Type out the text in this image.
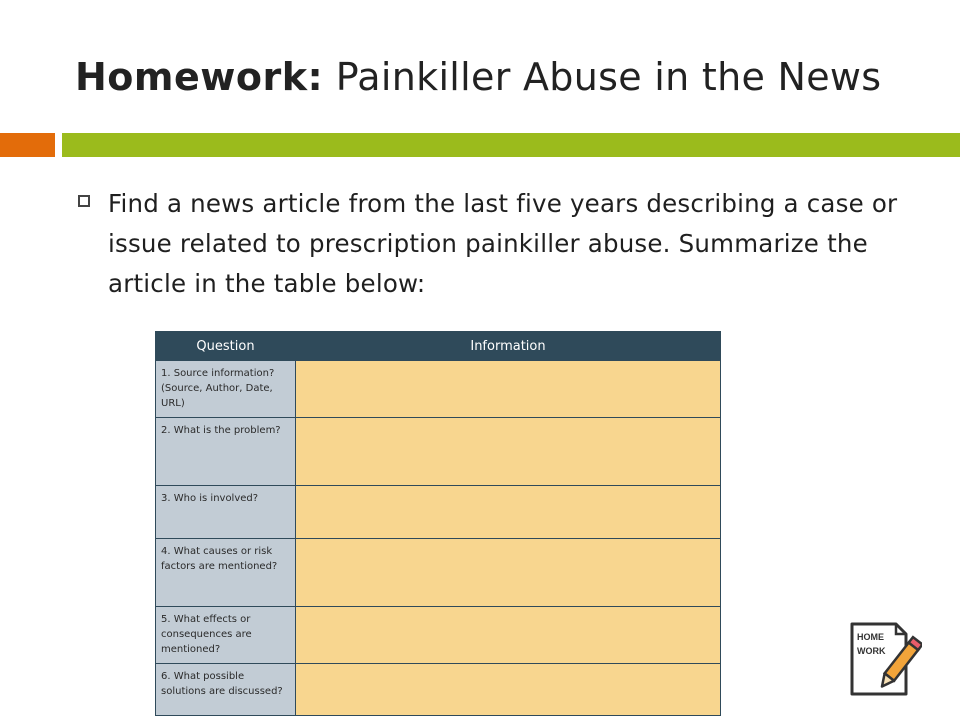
Homework: Painkiller Abuse in the News
Find a news article from the last five years describing a case or issue related to prescription painkiller abuse. Summarize the article in the table below:
Question	Information
1. Source information? (Source, Author, Date, URL)	
2. What is the problem?	
3. Who is involved?	
4. What causes or risk factors are mentioned?	
5. What effects or consequences are mentioned?	
6. What possible solutions are discussed?	
HOME
WORK
